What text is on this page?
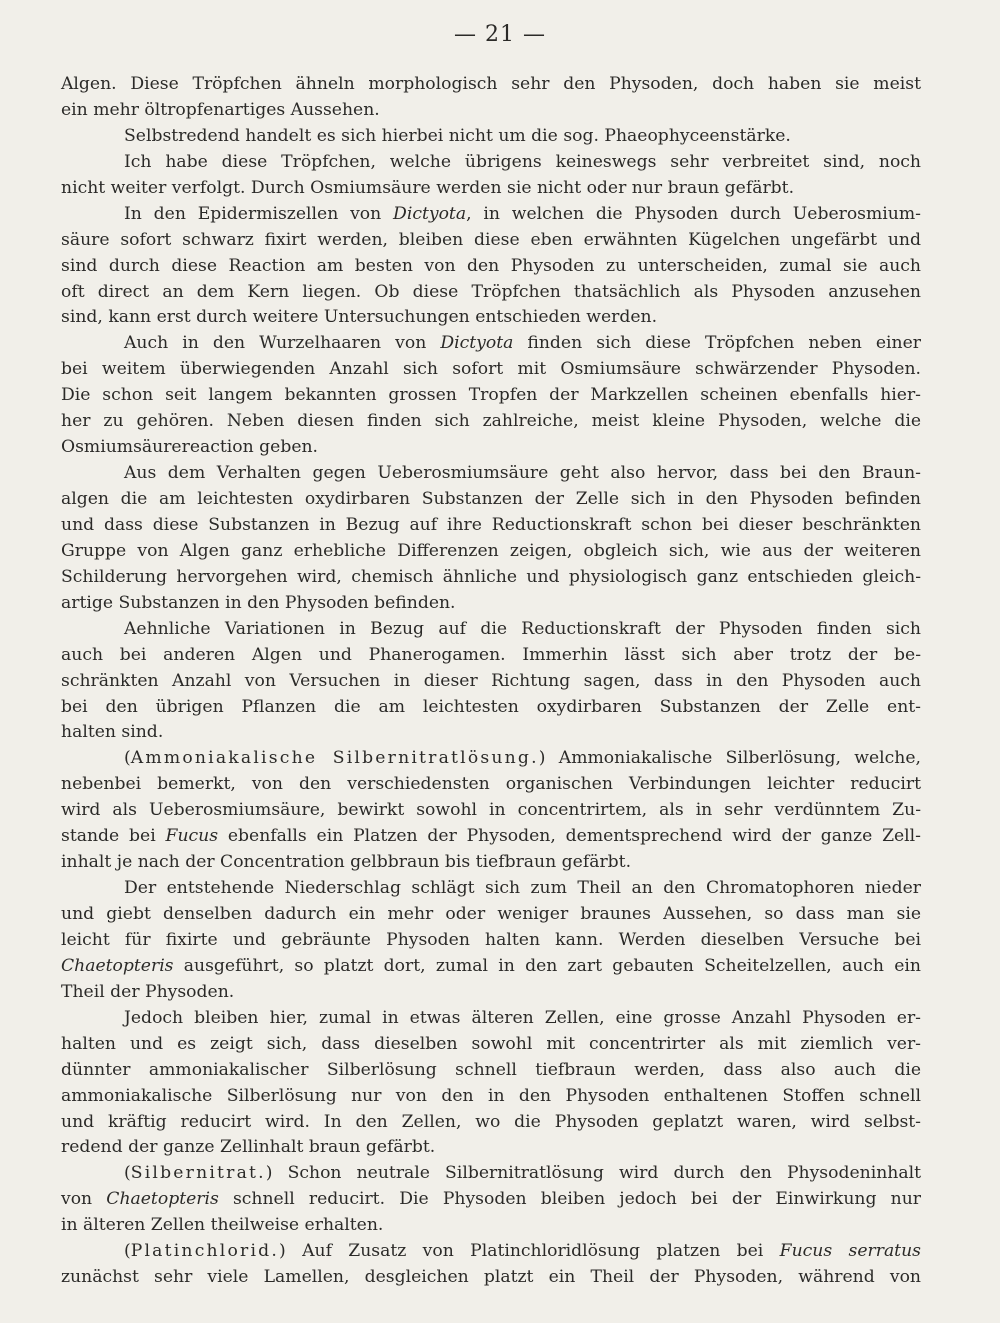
— 21 —
Algen. Diese Tröpfchen ähneln morphologisch sehr den Physoden, doch haben sie meist
ein mehr öltropfenartiges Aussehen.
Selbstredend handelt es sich hierbei nicht um die sog. Phaeophyceenstärke.
Ich habe diese Tröpfchen, welche übrigens keineswegs sehr verbreitet sind, noch
nicht weiter verfolgt. Durch Osmiumsäure werden sie nicht oder nur braun gefärbt.
In den Epidermiszellen von Dictyota, in welchen die Physoden durch Ueberosmium-
säure sofort schwarz fixirt werden, bleiben diese eben erwähnten Kügelchen ungefärbt und
sind durch diese Reaction am besten von den Physoden zu unterscheiden, zumal sie auch
oft direct an dem Kern liegen. Ob diese Tröpfchen thatsächlich als Physoden anzusehen
sind, kann erst durch weitere Untersuchungen entschieden werden.
Auch in den Wurzelhaaren von Dictyota finden sich diese Tröpfchen neben einer
bei weitem überwiegenden Anzahl sich sofort mit Osmiumsäure schwärzender Physoden.
Die schon seit langem bekannten grossen Tropfen der Markzellen scheinen ebenfalls hier-
her zu gehören. Neben diesen finden sich zahlreiche, meist kleine Physoden, welche die
Osmiumsäurereaction geben.
Aus dem Verhalten gegen Ueberosmiumsäure geht also hervor, dass bei den Braun-
algen die am leichtesten oxydirbaren Substanzen der Zelle sich in den Physoden befinden
und dass diese Substanzen in Bezug auf ihre Reductionskraft schon bei dieser beschränkten
Gruppe von Algen ganz erhebliche Differenzen zeigen, obgleich sich, wie aus der weiteren
Schilderung hervorgehen wird, chemisch ähnliche und physiologisch ganz entschieden gleich-
artige Substanzen in den Physoden befinden.
Aehnliche Variationen in Bezug auf die Reductionskraft der Physoden finden sich
auch bei anderen Algen und Phanerogamen. Immerhin lässt sich aber trotz der be-
schränkten Anzahl von Versuchen in dieser Richtung sagen, dass in den Physoden auch
bei den übrigen Pflanzen die am leichtesten oxydirbaren Substanzen der Zelle ent-
halten sind.
(Ammoniakalische Silbernitratlösung.) Ammoniakalische Silberlösung, welche,
nebenbei bemerkt, von den verschiedensten organischen Verbindungen leichter reducirt
wird als Ueberosmiumsäure, bewirkt sowohl in concentrirtem, als in sehr verdünntem Zu-
stande bei Fucus ebenfalls ein Platzen der Physoden, dementsprechend wird der ganze Zell-
inhalt je nach der Concentration gelbbraun bis tiefbraun gefärbt.
Der entstehende Niederschlag schlägt sich zum Theil an den Chromatophoren nieder
und giebt denselben dadurch ein mehr oder weniger braunes Aussehen, so dass man sie
leicht für fixirte und gebräunte Physoden halten kann. Werden dieselben Versuche bei
Chaetopteris ausgeführt, so platzt dort, zumal in den zart gebauten Scheitelzellen, auch ein
Theil der Physoden.
Jedoch bleiben hier, zumal in etwas älteren Zellen, eine grosse Anzahl Physoden er-
halten und es zeigt sich, dass dieselben sowohl mit concentrirter als mit ziemlich ver-
dünnter ammoniakalischer Silberlösung schnell tiefbraun werden, dass also auch die
ammoniakalische Silberlösung nur von den in den Physoden enthaltenen Stoffen schnell
und kräftig reducirt wird. In den Zellen, wo die Physoden geplatzt waren, wird selbst-
redend der ganze Zellinhalt braun gefärbt.
(Silbernitrat.) Schon neutrale Silbernitratlösung wird durch den Physodeninhalt
von Chaetopteris schnell reducirt. Die Physoden bleiben jedoch bei der Einwirkung nur
in älteren Zellen theilweise erhalten.
(Platinchlorid.) Auf Zusatz von Platinchloridlösung platzen bei Fucus serratus
zunächst sehr viele Lamellen, desgleichen platzt ein Theil der Physoden, während von
